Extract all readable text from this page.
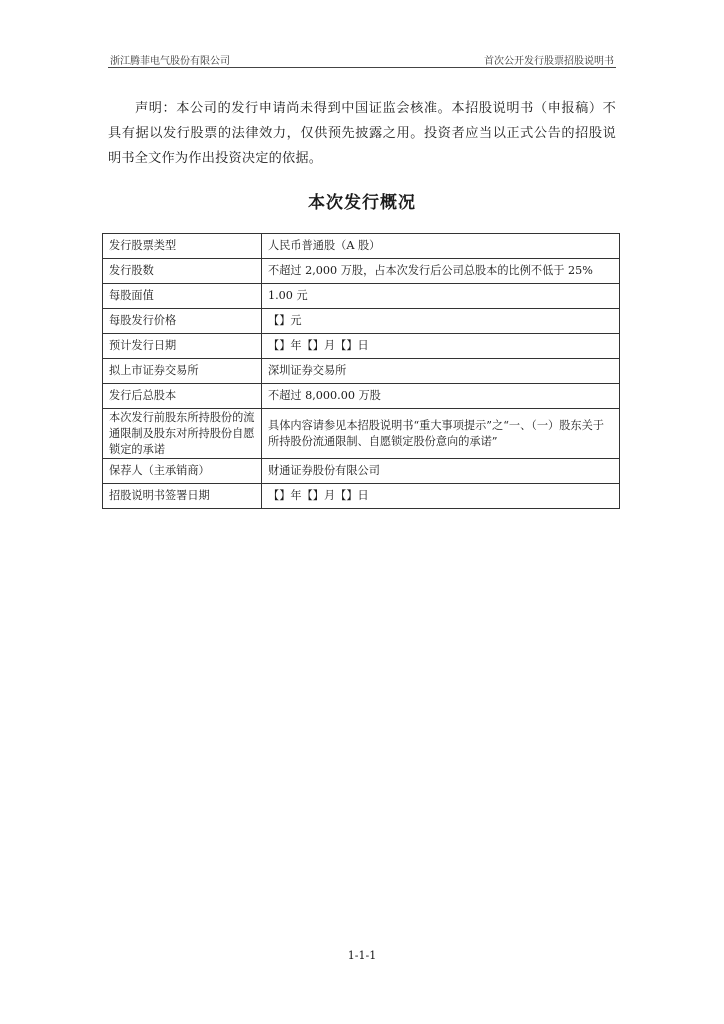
浙江腾菲电气股份有限公司	首次公开发行股票招股说明书

声明：本公司的发行申请尚未得到中国证监会核准。本招股说明书（申报稿）不具有据以发行股票的法律效力，仅供预先披露之用。投资者应当以正式公告的招股说明书全文作为作出投资决定的依据。

本次发行概况
发行股票类型	人民币普通股（A 股）
发行股数	不超过 2,000 万股，占本次发行后公司总股本的比例不低于 25%
每股面值	1.00 元
每股发行价格	【】元
预计发行日期	【】年【】月【】日
拟上市证券交易所	深圳证券交易所
发行后总股本	不超过 8,000.00 万股
本次发行前股东所持股份的流通限制及股东对所持股份自愿锁定的承诺	具体内容请参见本招股说明书“重大事项提示”之“一、（一）股东关于所持股份流通限制、自愿锁定股份意向的承诺”
保荐人（主承销商）	财通证券股份有限公司
招股说明书签署日期	【】年【】月【】日
1-1-1
